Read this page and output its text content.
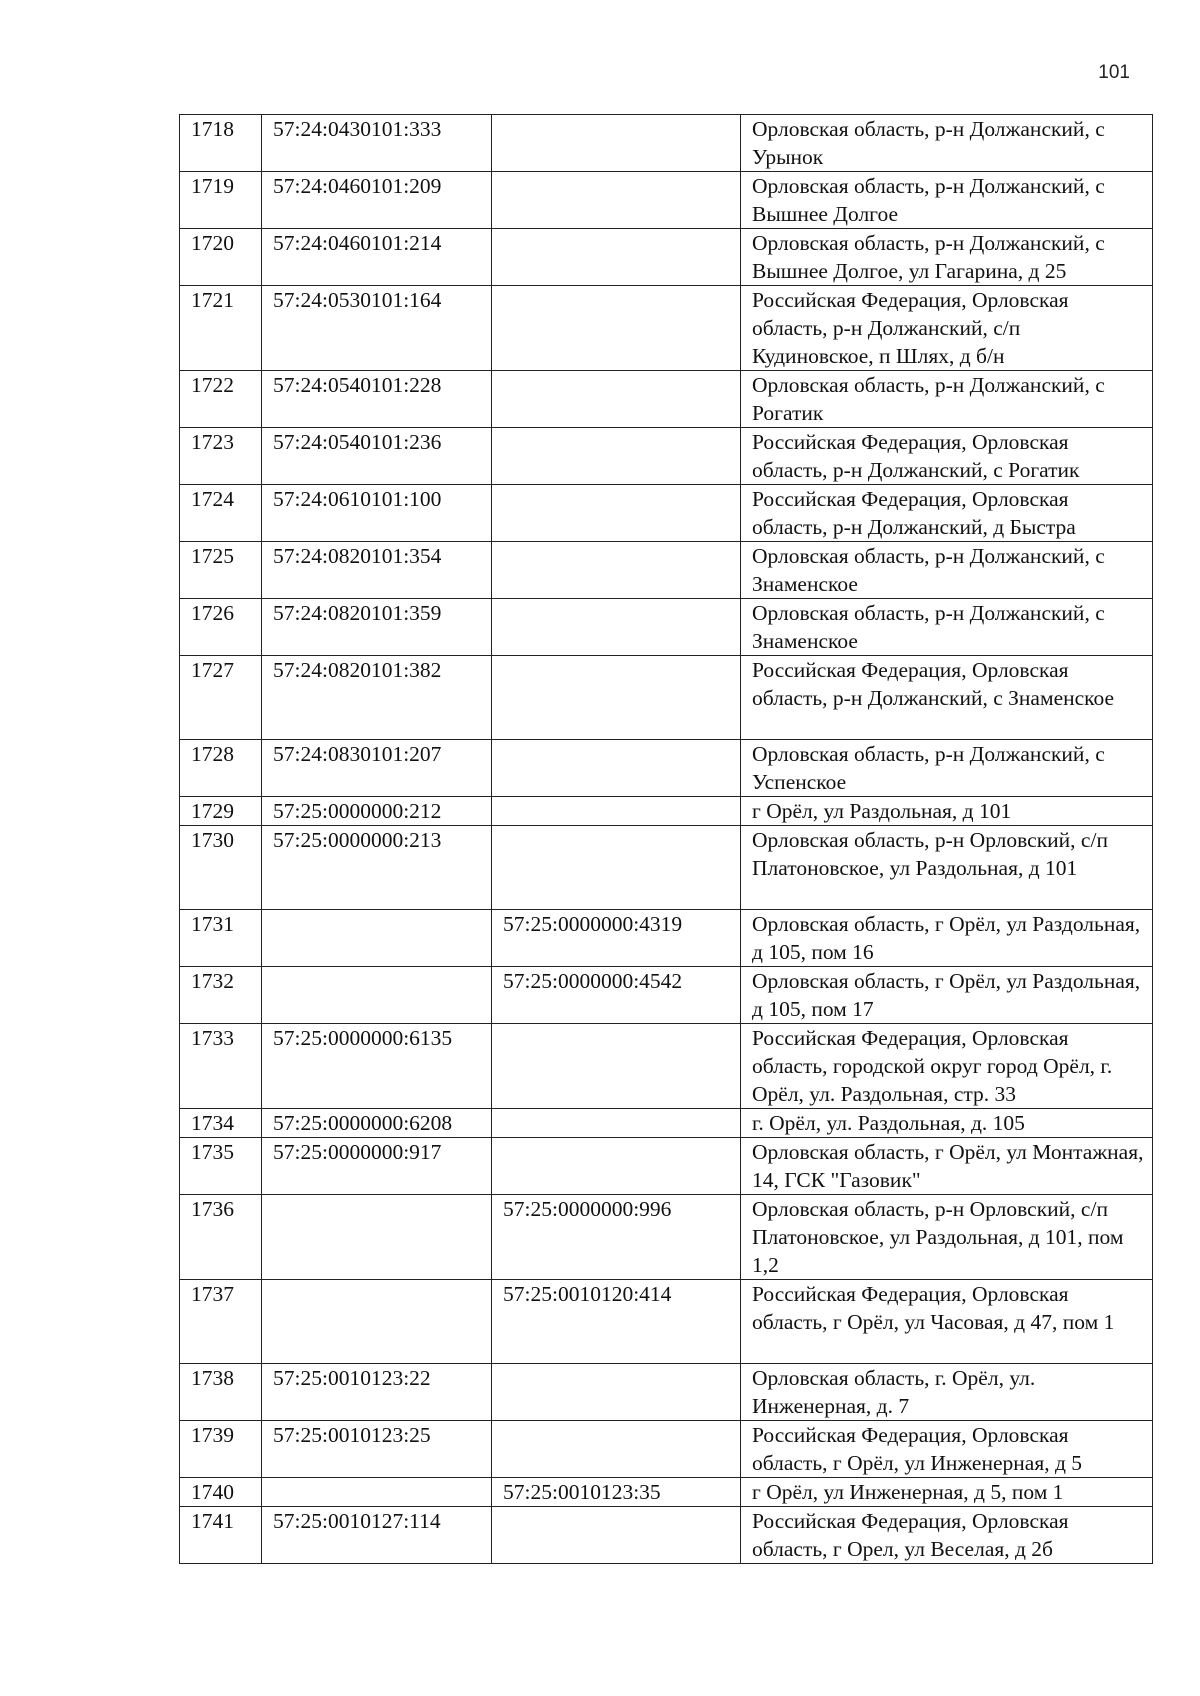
101
1718	57:24:0430101:333		Орловская область, р-н Должанский, с Урынок
1719	57:24:0460101:209		Орловская область, р-н Должанский, с Вышнее Долгое
1720	57:24:0460101:214		Орловская область, р-н Должанский, с Вышнее Долгое, ул Гагарина, д 25
1721	57:24:0530101:164		Российская Федерация, Орловская область, р-н Должанский, с/п Кудиновское, п Шлях, д б/н
1722	57:24:0540101:228		Орловская область, р-н Должанский, с Рогатик
1723	57:24:0540101:236		Российская Федерация, Орловская область, р-н Должанский, с Рогатик
1724	57:24:0610101:100		Российская Федерация, Орловская область, р-н Должанский, д Быстра
1725	57:24:0820101:354		Орловская область, р-н Должанский, с Знаменское
1726	57:24:0820101:359		Орловская область, р-н Должанский, с Знаменское
1727	57:24:0820101:382		Российская Федерация, Орловская область, р-н Должанский, с Знаменское
1728	57:24:0830101:207		Орловская область, р-н Должанский, с Успенское
1729	57:25:0000000:212		г Орёл, ул Раздольная, д 101
1730	57:25:0000000:213		Орловская область, р-н Орловский, с/п Платоновское, ул Раздольная, д 101
1731		57:25:0000000:4319	Орловская область, г Орёл, ул Раздольная, д 105, пом 16
1732		57:25:0000000:4542	Орловская область, г Орёл, ул Раздольная, д 105, пом 17
1733	57:25:0000000:6135		Российская Федерация, Орловская область, городской округ город Орёл, г. Орёл, ул. Раздольная, стр. 33
1734	57:25:0000000:6208		г. Орёл, ул. Раздольная, д. 105
1735	57:25:0000000:917		Орловская область, г Орёл, ул Монтажная, 14, ГСК "Газовик"
1736		57:25:0000000:996	Орловская область, р-н Орловский, с/п Платоновское, ул Раздольная, д 101, пом 1,2
1737		57:25:0010120:414	Российская Федерация, Орловская область, г Орёл, ул Часовая, д 47, пом 1
1738	57:25:0010123:22		Орловская область, г. Орёл, ул. Инженерная, д. 7
1739	57:25:0010123:25		Российская Федерация, Орловская область, г Орёл, ул Инженерная, д 5
1740		57:25:0010123:35	г Орёл, ул Инженерная, д 5, пом 1
1741	57:25:0010127:114		Российская Федерация, Орловская область, г Орел, ул Веселая, д 2б
